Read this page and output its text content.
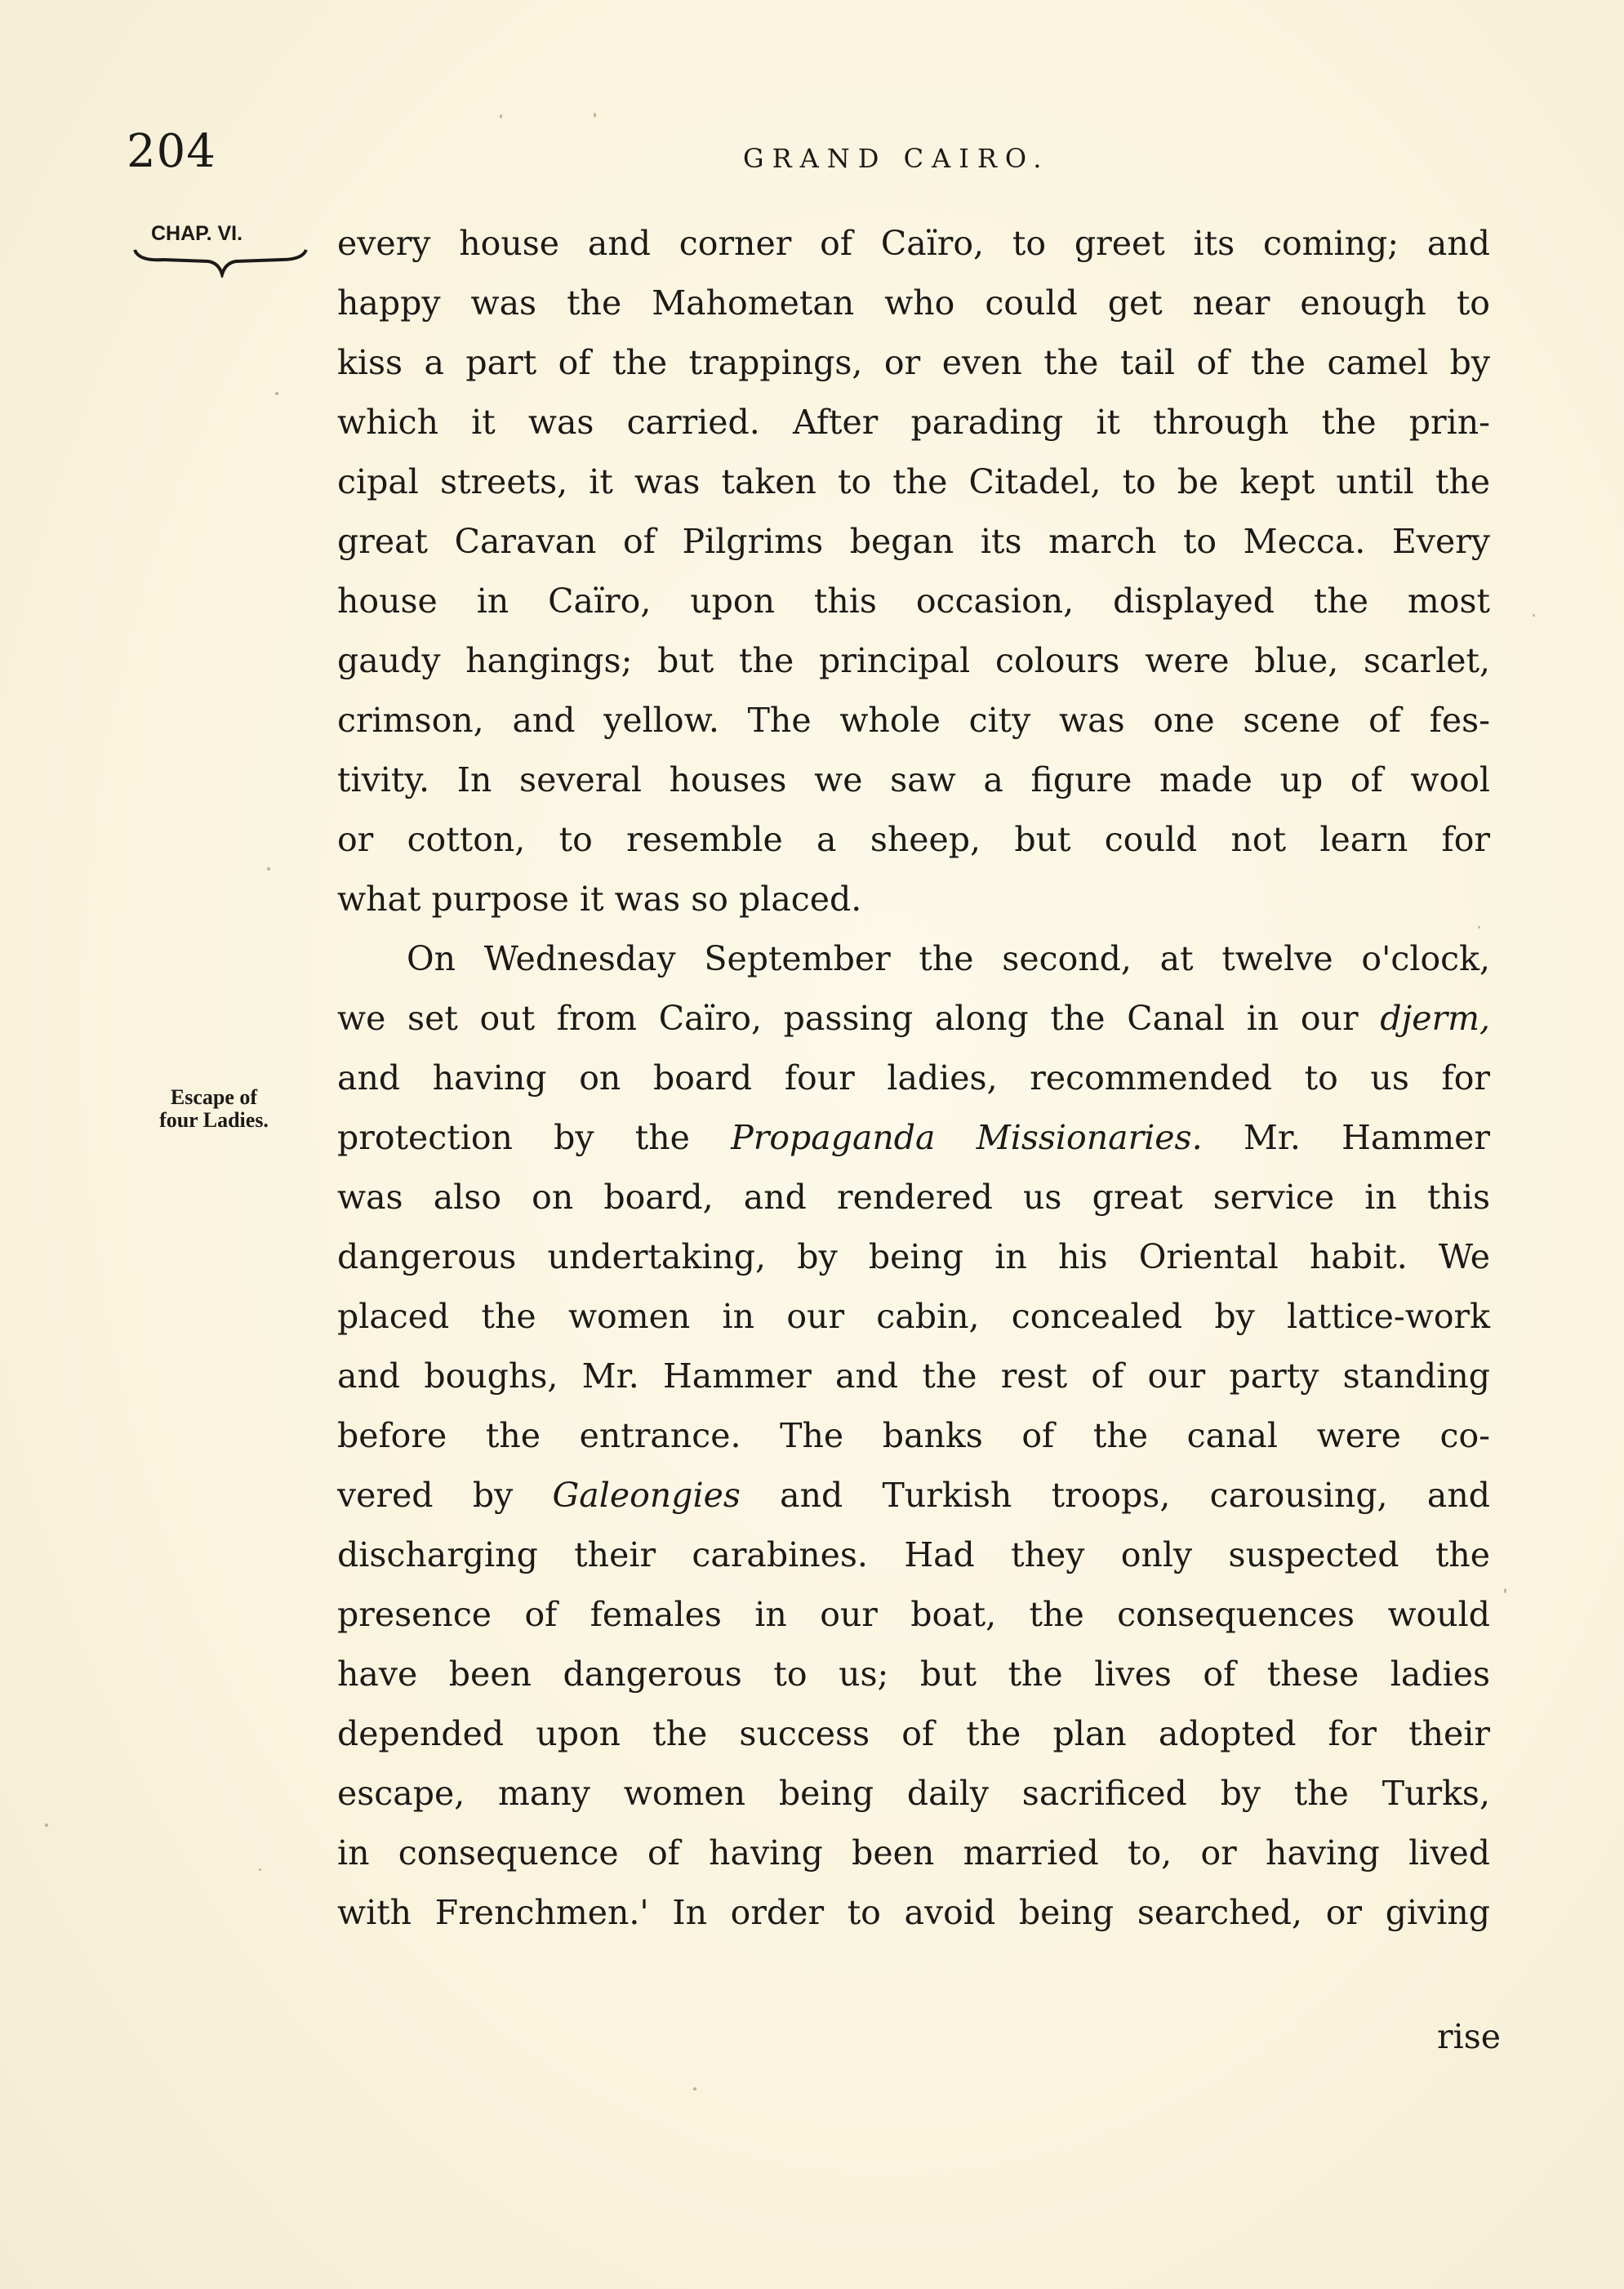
204	GRAND CAIRO.
CHAP. VI.
Escape of
four Ladies.
every house and corner of Caïro, to greet its coming; and
happy was the Mahometan who could get near enough to
kiss a part of the trappings, or even the tail of the camel by
which it was carried. After parading it through the prin-
cipal streets, it was taken to the Citadel, to be kept until the
great Caravan of Pilgrims began its march to Mecca. Every
house in Caïro, upon this occasion, displayed the most
gaudy hangings; but the principal colours were blue, scarlet,
crimson, and yellow. The whole city was one scene of fes-
tivity. In several houses we saw a figure made up of wool
or cotton, to resemble a sheep, but could not learn for
what purpose it was so placed.
On Wednesday September the second, at twelve o'clock,
we set out from Caïro, passing along the Canal in our djerm,
and having on board four ladies, recommended to us for
protection by the Propaganda Missionaries. Mr. Hammer
was also on board, and rendered us great service in this
dangerous undertaking, by being in his Oriental habit. We
placed the women in our cabin, concealed by lattice-work
and boughs, Mr. Hammer and the rest of our party standing
before the entrance. The banks of the canal were co-
vered by Galeongies and Turkish troops, carousing, and
discharging their carabines. Had they only suspected the
presence of females in our boat, the consequences would
have been dangerous to us; but the lives of these ladies
depended upon the success of the plan adopted for their
escape, many women being daily sacrificed by the Turks,
in consequence of having been married to, or having lived
with Frenchmen.' In order to avoid being searched, or giving
rise
